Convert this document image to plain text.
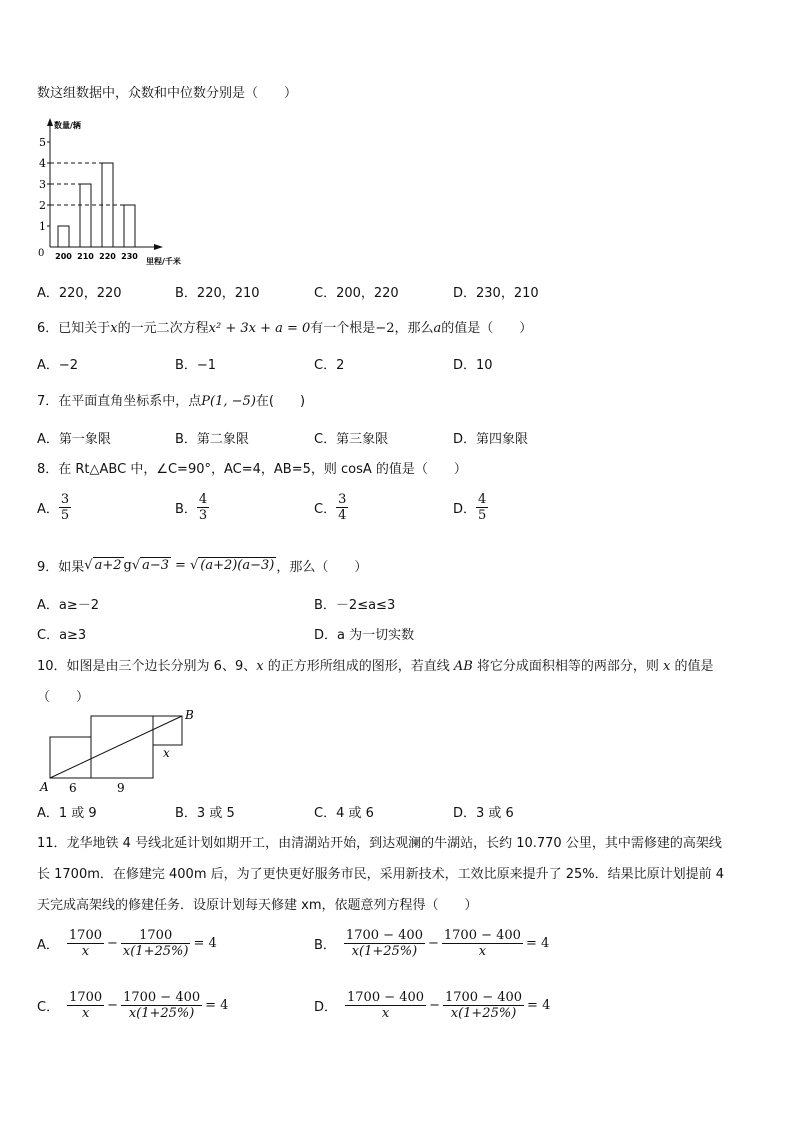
数这组数据中，众数和中位数分别是（　　）
数量/辆
里程/千米
0
1
2
3
4
5
200 210 220 230
A．220，220	B．220，210	C．200，220	D．230，210
6．已知关于x的一元二次方程x² + 3x + a = 0有一个根是−2，那么a的值是（　　）
A．−2	B．−1	C．2	D．10
7．在平面直角坐标系中，点P(1, −5)在(　　)
A．第一象限	B．第二象限	C．第三象限	D．第四象限
8．在 Rt△ABC 中，∠C=90°，AC=4，AB=5，则 cosA 的值是（　　）
A． $\frac{3}{5}$	B． $\frac{4}{3}$	C． $\frac{3}{4}$	D． $\frac{4}{5}$
9．如果 √ a+2 g √ a−3 = √ (a+2)(a−3) ，那么（　　）
A．a≥－2	B．－2≤a≤3
C．a≥3	D．a 为一切实数
10．如图是由三个边长分别为 6、9、x 的正方形所组成的图形，若直线 AB 将它分成面积相等的两部分，则 x 的值是
（　　）
A
B
x
6	9
A．1 或 9	B．3 或 5	C．4 或 6	D．3 或 6
11．龙华地铁 4 号线北延计划如期开工，由清湖站开始，到达观澜的牛湖站，长约 10.770 公里，其中需修建的高架线
长 1700m．在修建完 400m 后，为了更快更好服务市民，采用新技术，工效比原来提升了 25%．结果比原计划提前 4
天完成高架线的修建任务．设原计划每天修建 xm，依题意列方程得（　　）
A． $\frac{1700}{x} - \frac{1700}{x(1+25\%)} = 4$	B． $\frac{1700 - 400}{x(1+25\%)} - \frac{1700 - 400}{x} = 4$
C． $\frac{1700}{x} - \frac{1700 - 400}{x(1+25\%)} = 4$	D． $\frac{1700 - 400}{x} - \frac{1700 - 400}{x(1+25\%)} = 4$
